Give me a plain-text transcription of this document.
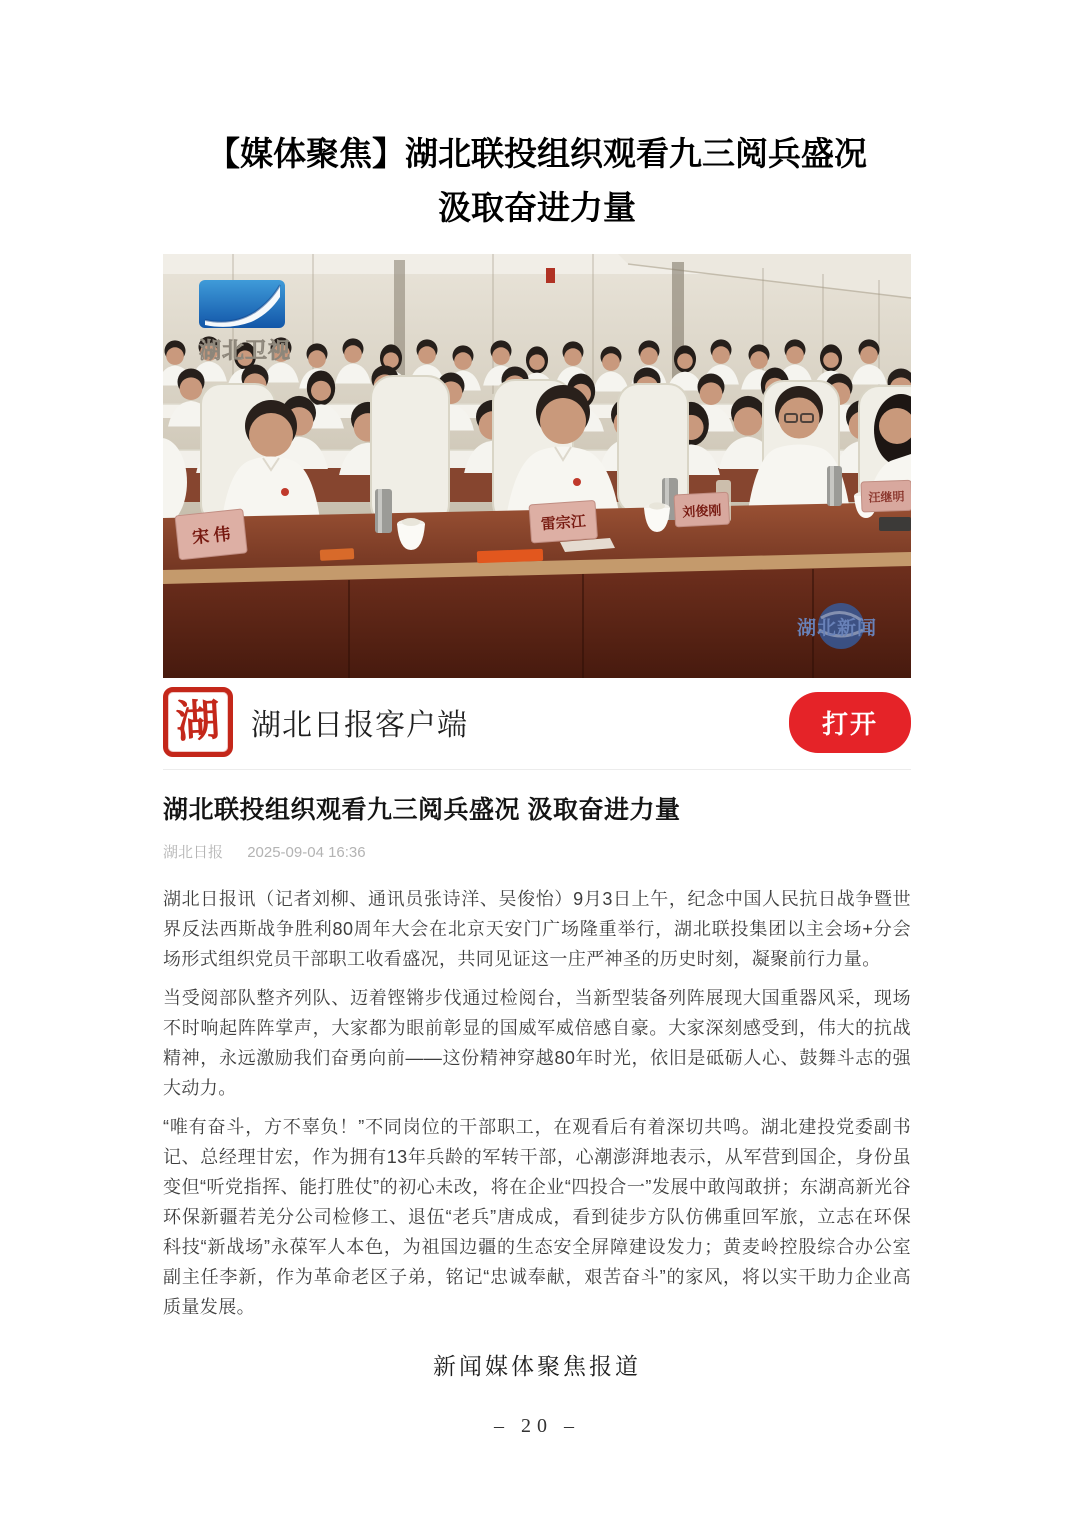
【媒体聚焦】湖北联投组织观看九三阅兵盛况
汲取奋进力量
宋 伟
雷宗江
刘俊刚
汪继明
湖北卫视
湖北新闻
湖 湖北日报客户端	打开
湖北联投组织观看九三阅兵盛况 汲取奋进力量
湖北日报 2025-09-04 16:36

湖北日报讯（记者刘柳、通讯员张诗洋、吴俊怡）9月3日上午，纪念中国人民抗日战争暨世界反法西斯战争胜利80周年大会在北京天安门广场隆重举行，湖北联投集团以主会场+分会场形式组织党员干部职工收看盛况，共同见证这一庄严神圣的历史时刻，凝聚前行力量。

当受阅部队整齐列队、迈着铿锵步伐通过检阅台，当新型装备列阵展现大国重器风采，现场不时响起阵阵掌声，大家都为眼前彰显的国威军威倍感自豪。大家深刻感受到，伟大的抗战精神，永远激励我们奋勇向前——这份精神穿越80年时光，依旧是砥砺人心、鼓舞斗志的强大动力。

“唯有奋斗，方不辜负！”不同岗位的干部职工，在观看后有着深切共鸣。湖北建投党委副书记、总经理甘宏，作为拥有13年兵龄的军转干部，心潮澎湃地表示，从军营到国企，身份虽变但“听党指挥、能打胜仗”的初心未改，将在企业“四投合一”发展中敢闯敢拼；东湖高新光谷环保新疆若羌分公司检修工、退伍“老兵”唐成成，看到徒步方队仿佛重回军旅，立志在环保科技“新战场”永葆军人本色，为祖国边疆的生态安全屏障建设发力；黄麦岭控股综合办公室副主任李新，作为革命老区子弟，铭记“忠诚奉献，艰苦奋斗”的家风，将以实干助力企业高质量发展。

新闻媒体聚焦报道
– 20 –
